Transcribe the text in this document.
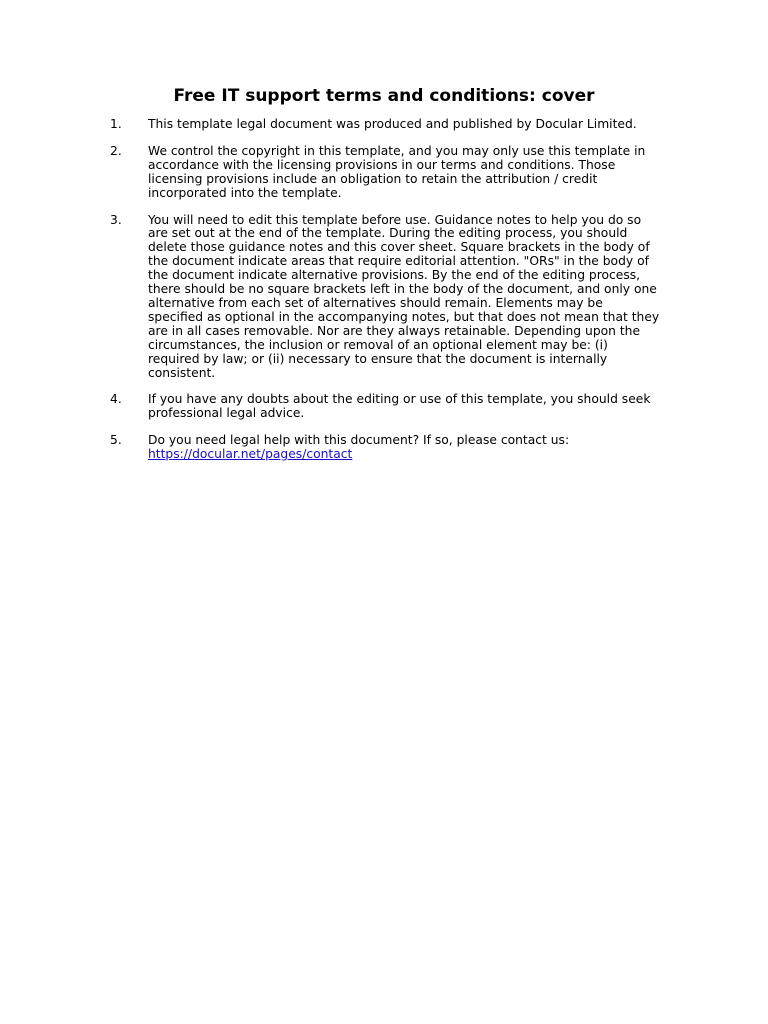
Free IT support terms and conditions: cover
1. This template legal document was produced and published by Docular Limited.
2. We control the copyright in this template, and you may only use this template in accordance with the licensing provisions in our terms and conditions. Those licensing provisions include an obligation to retain the attribution / credit incorporated into the template.
3. You will need to edit this template before use. Guidance notes to help you do so are set out at the end of the template. During the editing process, you should delete those guidance notes and this cover sheet. Square brackets in the body of the document indicate areas that require editorial attention. "ORs" in the body of the document indicate alternative provisions. By the end of the editing process, there should be no square brackets left in the body of the document, and only one alternative from each set of alternatives should remain. Elements may be specified as optional in the accompanying notes, but that does not mean that they are in all cases removable. Nor are they always retainable. Depending upon the circumstances, the inclusion or removal of an optional element may be: (i) required by law; or (ii) necessary to ensure that the document is internally consistent.
4. If you have any doubts about the editing or use of this template, you should seek professional legal advice.
5. Do you need legal help with this document? If so, please contact us:
https://docular.net/pages/contact
